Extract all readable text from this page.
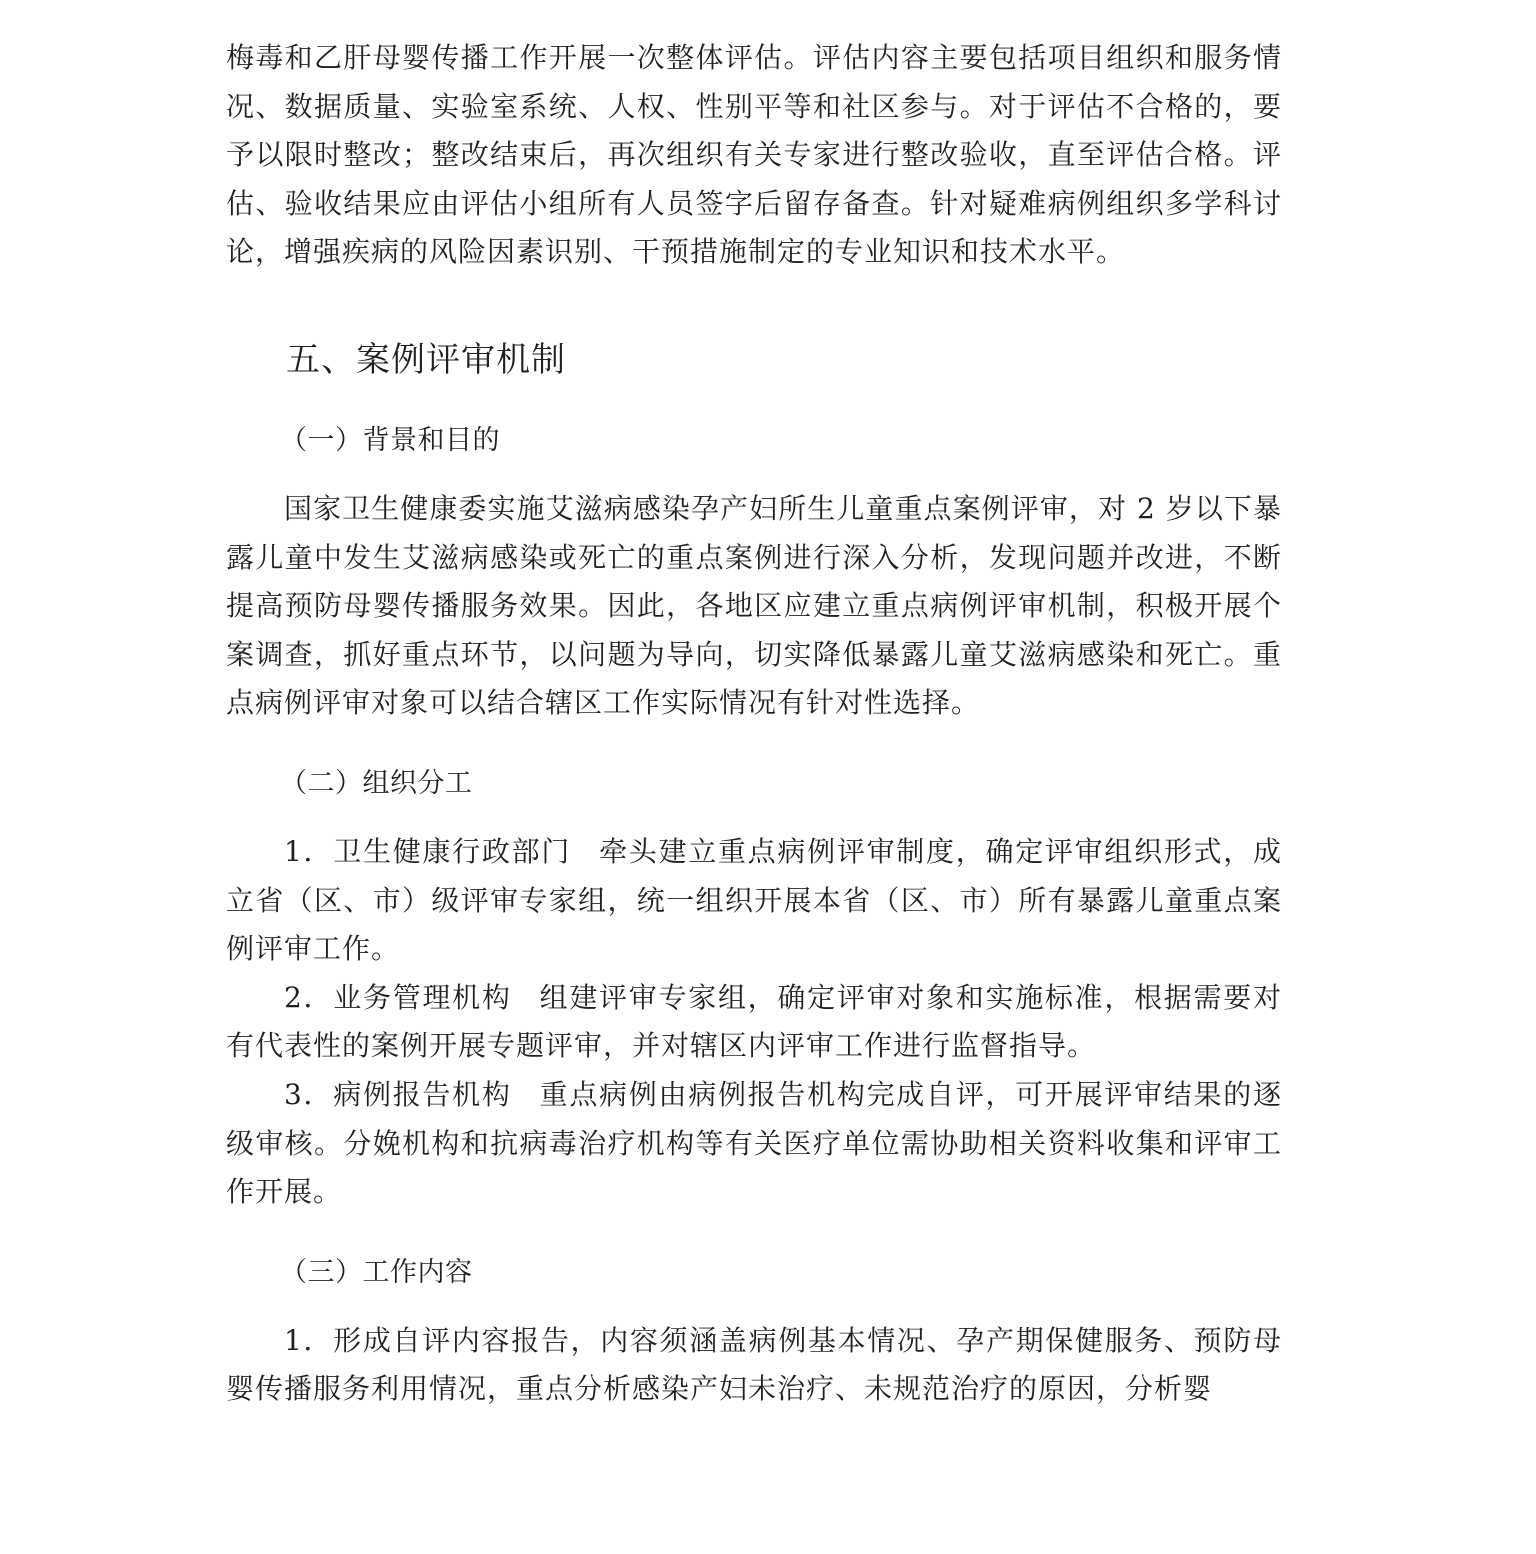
梅毒和乙肝母婴传播工作开展一次整体评估。评估内容主要包括项目组织和服务情况、数据质量、实验室系统、人权、性别平等和社区参与。对于评估不合格的，要予以限时整改；整改结束后，再次组织有关专家进行整改验收，直至评估合格。评估、验收结果应由评估小组所有人员签字后留存备查。针对疑难病例组织多学科讨论，增强疾病的风险因素识别、干预措施制定的专业知识和技术水平。

五、案例评审机制
（一）背景和目的

国家卫生健康委实施艾滋病感染孕产妇所生儿童重点案例评审，对 2 岁以下暴露儿童中发生艾滋病感染或死亡的重点案例进行深入分析，发现问题并改进，不断提高预防母婴传播服务效果。因此，各地区应建立重点病例评审机制，积极开展个案调查，抓好重点环节，以问题为导向，切实降低暴露儿童艾滋病感染和死亡。重点病例评审对象可以结合辖区工作实际情况有针对性选择。

（二）组织分工

1．卫生健康行政部门 牵头建立重点病例评审制度，确定评审组织形式，成立省（区、市）级评审专家组，统一组织开展本省（区、市）所有暴露儿童重点案例评审工作。

2．业务管理机构 组建评审专家组，确定评审对象和实施标准，根据需要对有代表性的案例开展专题评审，并对辖区内评审工作进行监督指导。

3．病例报告机构 重点病例由病例报告机构完成自评，可开展评审结果的逐级审核。分娩机构和抗病毒治疗机构等有关医疗单位需协助相关资料收集和评审工作开展。

（三）工作内容

1．形成自评内容报告，内容须涵盖病例基本情况、孕产期保健服务、预防母婴传播服务利用情况，重点分析感染产妇未治疗、未规范治疗的原因，分析婴
